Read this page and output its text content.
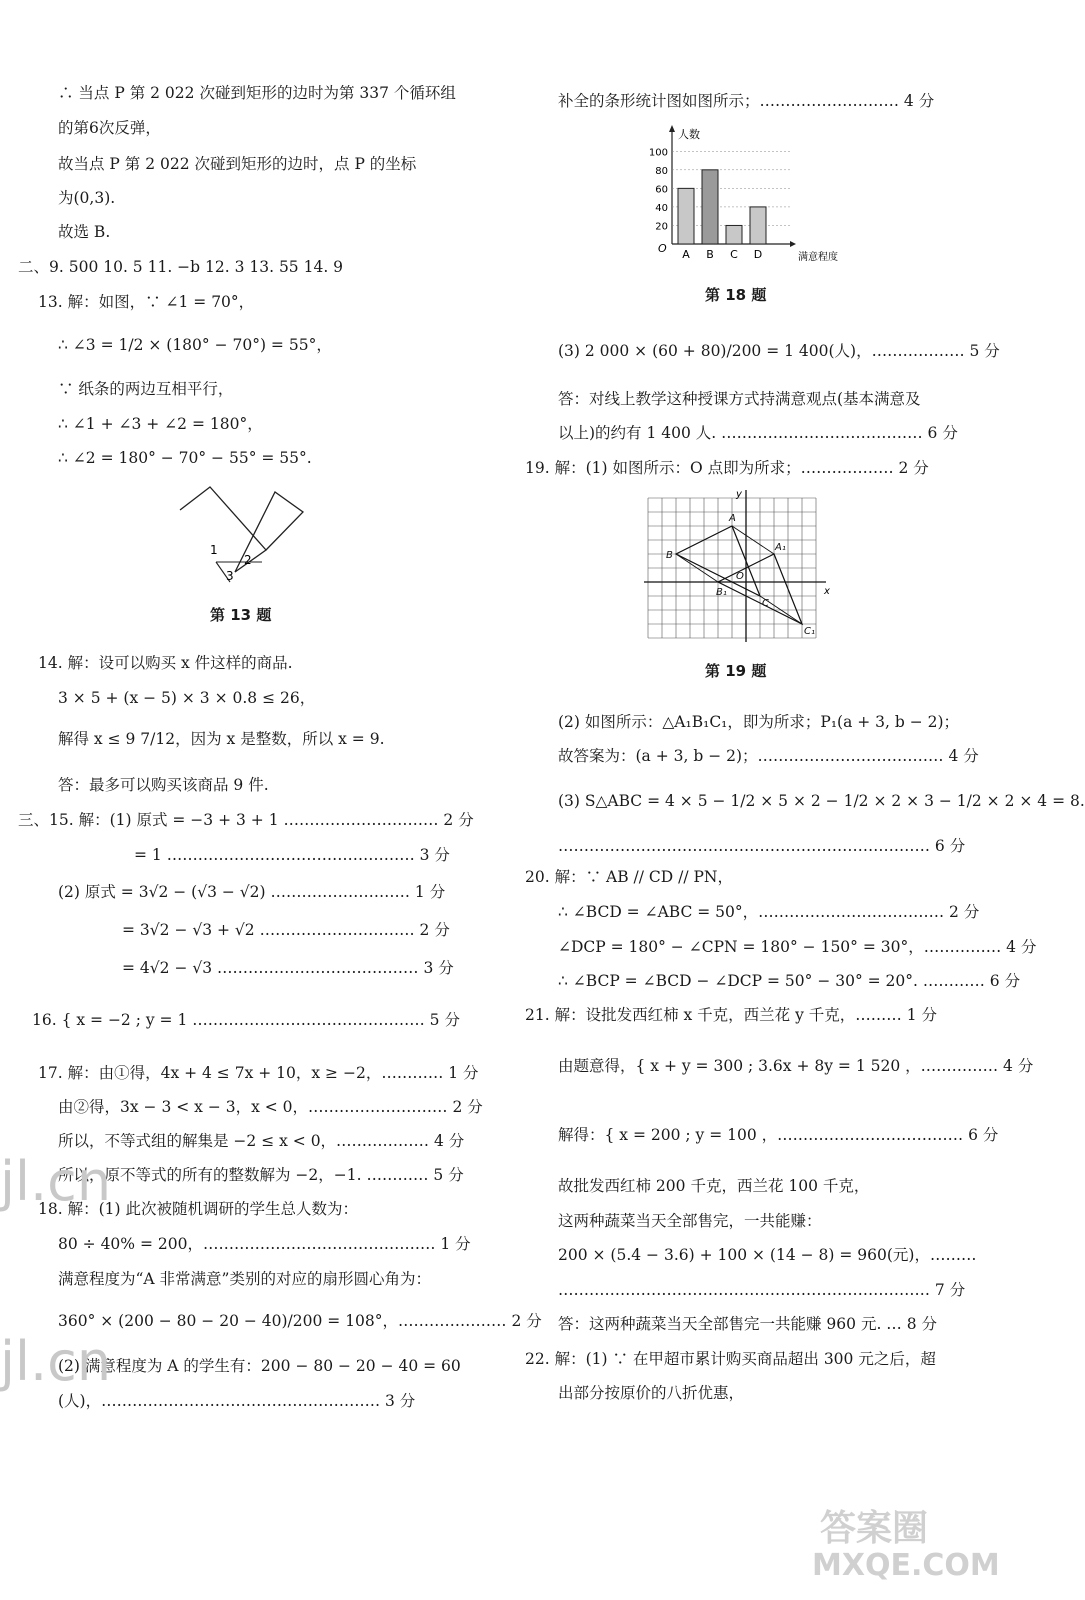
∴ 当点 P 第 2 022 次碰到矩形的边时为第 337 个循环组
的第6次反弹，
故当点 P 第 2 022 次碰到矩形的边时，点 P 的坐标
为(0,3).
故选 B.
二、9. 500 10. 5 11. −b 12. 3 13. 55 14. 9
13. 解：如图，∵ ∠1 = 70°，
∴ ∠3 = 1/2 × (180° − 70°) = 55°，
∵ 纸条的两边互相平行，
∴ ∠1 + ∠3 + ∠2 = 180°，
∴ ∠2 = 180° − 70° − 55° = 55°.
1
2
3
第 13 题
14. 解：设可以购买 x 件这样的商品.
3 × 5 + (x − 5) × 3 × 0.8 ≤ 26，
解得 x ≤ 9 7/12，因为 x 是整数，所以 x = 9.
答：最多可以购买该商品 9 件.
三、15. 解：(1) 原式 = −3 + 3 + 1 ………………………… 2 分
= 1 ………………………………………… 3 分
(2) 原式 = 3√2 − (√3 − √2) ……………………… 1 分
= 3√2 − √3 + √2 ………………………… 2 分
= 4√2 − √3 ………………………………… 3 分
16. { x = −2 ; y = 1 ……………………………………… 5 分
17. 解：由①得，4x + 4 ≤ 7x + 10，x ≥ −2，………… 1 分
由②得，3x − 3 < x − 3，x < 0，……………………… 2 分
所以，不等式组的解集是 −2 ≤ x < 0，……………… 4 分
所以，原不等式的所有的整数解为 −2，−1. ………… 5 分
18. 解：(1) 此次被随机调研的学生总人数为：
80 ÷ 40% = 200，……………………………………… 1 分
满意程度为“A 非常满意”类别的对应的扇形圆心角为：
360° × (200 − 80 − 20 − 40)/200 = 108°，………………… 2 分
(2) 满意程度为 A 的学生有：200 − 80 − 20 − 40 = 60
(人)，……………………………………………… 3 分
补全的条形统计图如图所示；……………………… 4 分
人数
满意程度
O
20
40
60
80
100
A B C D
第 18 题
(3) 2 000 × (60 + 80)/200 = 1 400(人)，……………… 5 分
答：对线上教学这种授课方式持满意观点(基本满意及
以上)的约有 1 400 人. ………………………………… 6 分
19. 解：(1) 如图所示：O 点即为所求；……………… 2 分
y
x
A
B
O
A₁
B₁
C
C₁
第 19 题
(2) 如图所示：△A₁B₁C₁，即为所求；P₁(a + 3, b − 2)；
故答案为：(a + 3, b − 2)；……………………………… 4 分
(3) S△ABC = 4 × 5 − 1/2 × 5 × 2 − 1/2 × 2 × 3 − 1/2 × 2 × 4 = 8.
……………………………………………………………… 6 分
20. 解：∵ AB // CD // PN，
∴ ∠BCD = ∠ABC = 50°，……………………………… 2 分
∠DCP = 180° − ∠CPN = 180° − 150° = 30°，…………… 4 分
∴ ∠BCP = ∠BCD − ∠DCP = 50° − 30° = 20°. ………… 6 分
21. 解：设批发西红柿 x 千克，西兰花 y 千克，……… 1 分
由题意得，{ x + y = 300 ; 3.6x + 8y = 1 520 ，…………… 4 分
解得：{ x = 200 ; y = 100 ，……………………………… 6 分
故批发西红柿 200 千克，西兰花 100 千克，
这两种蔬菜当天全部售完，一共能赚：
200 × (5.4 − 3.6) + 100 × (14 − 8) = 960(元)，………
……………………………………………………………… 7 分
答：这两种蔬菜当天全部售完一共能赚 960 元. … 8 分
22. 解：(1) ∵ 在甲超市累计购买商品超出 300 元之后，超
出部分按原价的八折优惠，
jl.cn
jl.cn
答案圈
MXQE.COM
